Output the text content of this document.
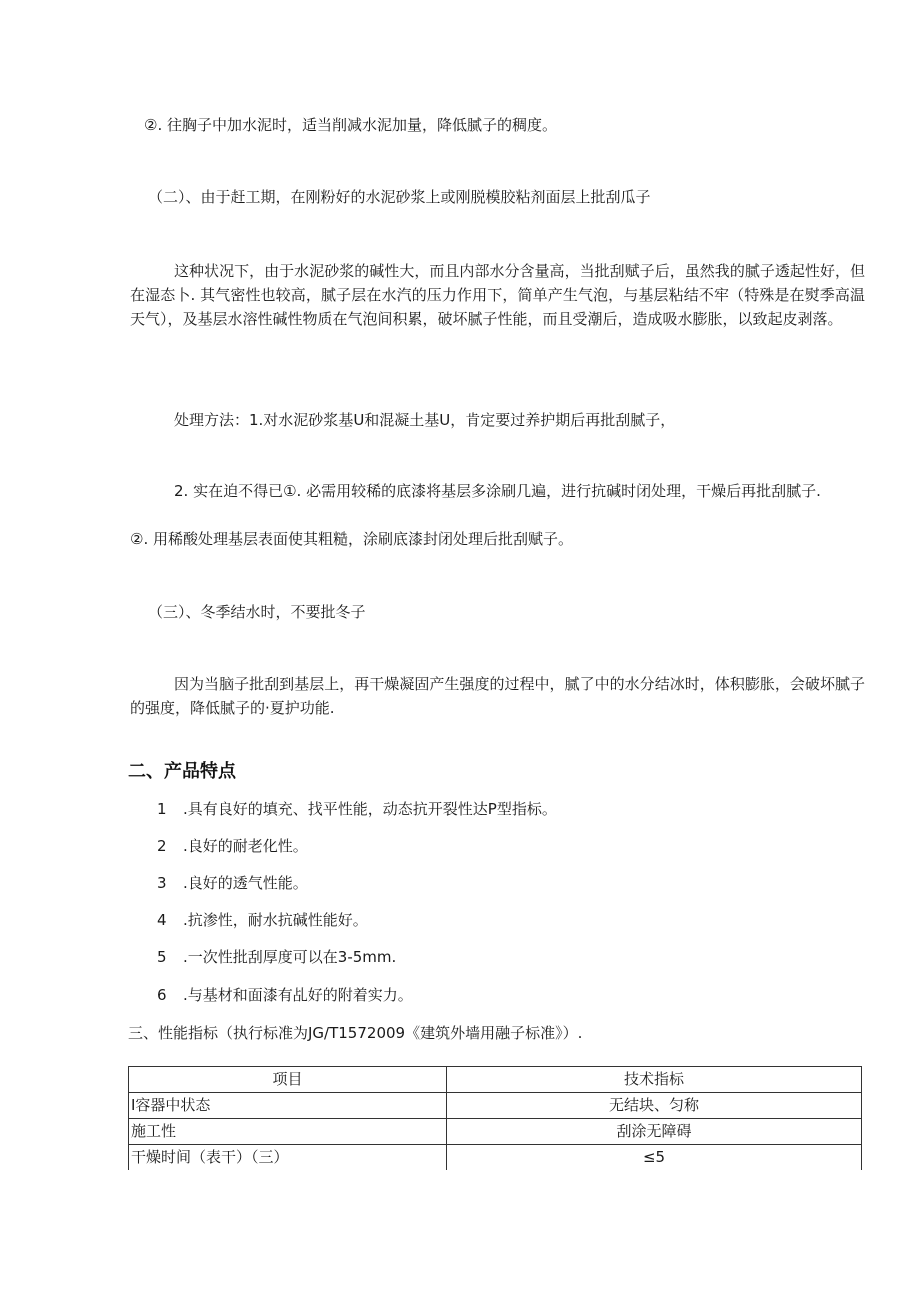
②. 往胸子中加水泥时，适当削减水泥加量，降低腻子的稠度。
（二）、由于赶工期，在刚粉好的水泥砂浆上或刚脱模胶粘剂面层上批刮瓜子
这种状况下，由于水泥砂浆的碱性大，而且内部水分含量高，当批刮赋子后，虽然我的腻子透起性好，但在湿态卜. 其气密性也较高，腻子层在水汽的压力作用下，简单产生气泡，与基层粘结不牢（特殊是在熨季高温天气），及基层水溶性碱性物质在气泡间积累，破坏腻子性能，而且受潮后，造成吸水膨胀，以致起皮剥落。
处理方法：1.对水泥砂浆基U和混凝土基U，肯定要过养护期后再批刮腻子，
2. 实在迫不得已①. 必需用较稀的底漆将基层多涂刷几遍，进行抗碱时闭处理，干燥后再批刮腻子.
②. 用稀酸处理基层表面使其粗糙，涂刷底漆封闭处理后批刮赋子。
（三）、冬季结水时，不要批冬子
因为当脑子批刮到基层上，再干燥凝固产生强度的过程中，腻了中的水分结冰时，体积膨胀，会破坏腻子的强度，降低腻子的·夏护功能.
二、产品特点
1 .具有良好的填充、找平性能，动态抗开裂性达P型指标。
2 .良好的耐老化性。
3 .良好的透气性能。
4 .抗渗性，耐水抗碱性能好。
5 .一次性批刮厚度可以在3-5mm.
6 .与基材和面漆有乩好的附着实力。
三、性能指标（执行标准为JG/T1572009《建筑外墙用融子标准》）.
项目	技术指标
I容器中状态	无结块、匀称
施工性	刮涂无障碍
干燥时间（表干）（三）	≤5
